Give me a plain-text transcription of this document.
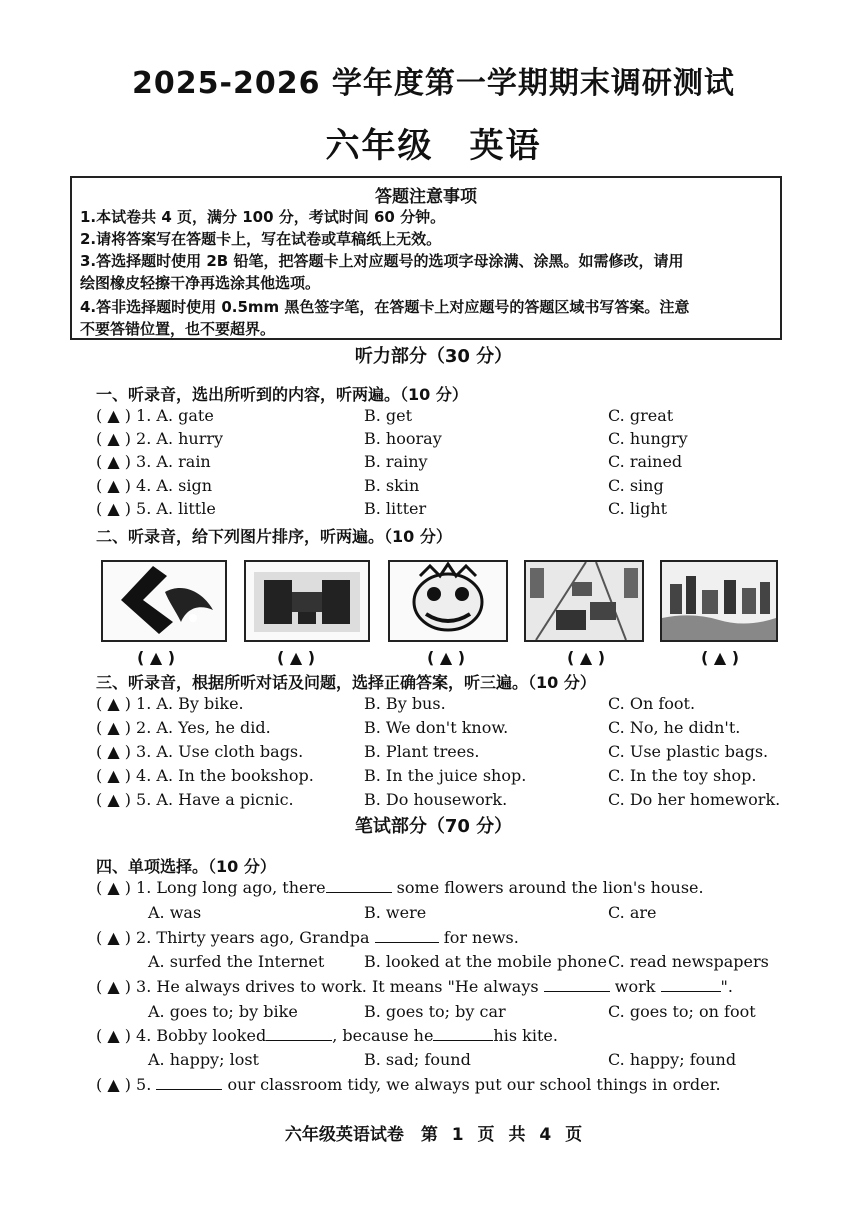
2025-2026 学年度第一学期期末调研测试
六年级　英语
答题注意事项
1.本试卷共 4 页，满分 100 分，考试时间 60 分钟。
2.请将答案写在答题卡上，写在试卷或草稿纸上无效。
3.答选择题时使用 2B 铅笔，把答题卡上对应题号的选项字母涂满、涂黑。如需修改，请用
绘图橡皮轻擦干净再选涂其他选项。
4.答非选择题时使用 0.5mm 黑色签字笔，在答题卡上对应题号的答题区域书写答案。注意
不要答错位置，也不要超界。
听力部分（30 分）
一、听录音，选出所听到的内容，听两遍。（10 分）
( ▲ ) 1. A. gate	B. get	C. great
( ▲ ) 2. A. hurry	B. hooray	C. hungry
( ▲ ) 3. A. rain	B. rainy	C. rained
( ▲ ) 4. A. sign	B. skin	C. sing
( ▲ ) 5. A. little	B. litter	C. light
二、听录音，给下列图片排序，听两遍。（10 分）
( ▲ )	( ▲ )	( ▲ )	( ▲ )	( ▲ )
三、听录音，根据所听对话及问题，选择正确答案，听三遍。（10 分）
( ▲ ) 1. A. By bike.	B. By bus.	C. On foot.
( ▲ ) 2. A. Yes, he did.	B. We don't know.	C. No, he didn't.
( ▲ ) 3. A. Use cloth bags.	B. Plant trees.	C. Use plastic bags.
( ▲ ) 4. A. In the bookshop.	B. In the juice shop.	C. In the toy shop.
( ▲ ) 5. A. Have a picnic.	B. Do housework.	C. Do her homework.
笔试部分（70 分）
四、单项选择。（10 分）
( ▲ ) 1. Long long ago, there	some flowers around the lion's house.
A. was	B. were	C. are
( ▲ ) 2. Thirty years ago, Grandpa	for news.
A. surfed the Internet B. looked at the mobile phone C. read newspapers
( ▲ ) 3. He always drives to work. It means "He always	work	".
A. goes to; by bike	B. goes to; by car	C. goes to; on foot
( ▲ ) 4. Bobby looked	, because he	his kite.
A. happy; lost	B. sad; found	C. happy; found
( ▲ ) 5.	our classroom tidy, we always put our school things in order.
六年级英语试卷　第 1 页 共 4 页
